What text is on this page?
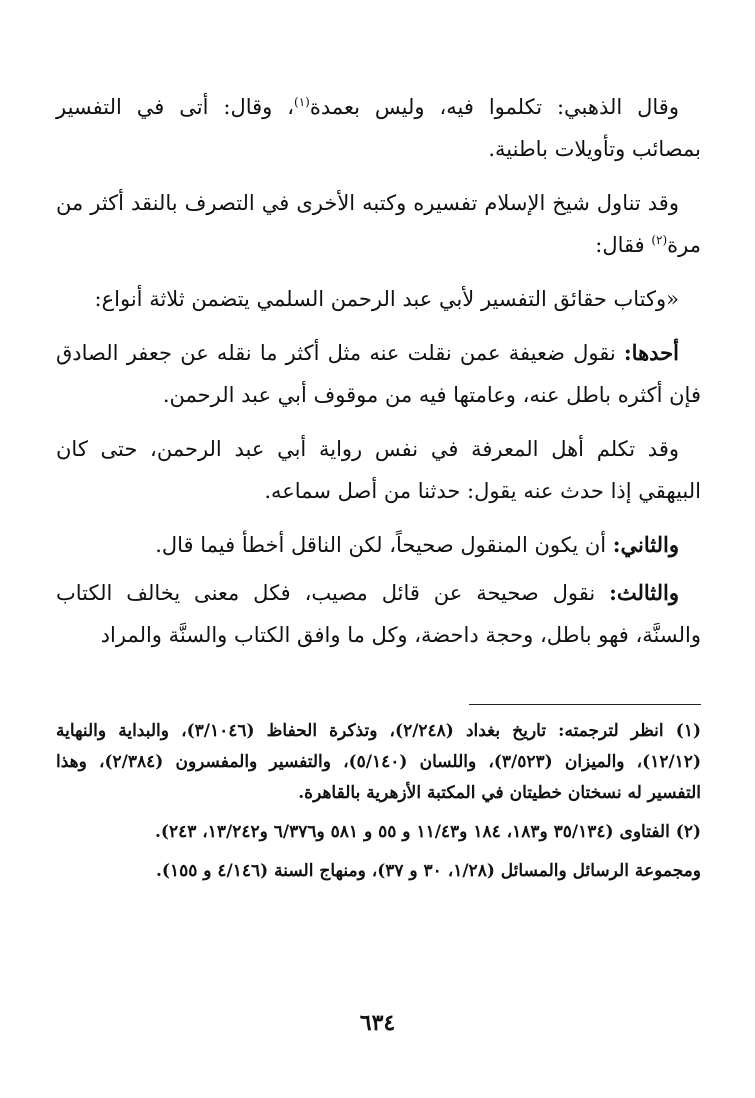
وقال الذهبي: تكلموا فيه، وليس بعمدة$^{(١)}$، وقال: أتى في التفسير بمصائب وتأويلات باطنية.

وقد تناول شيخ الإسلام تفسيره وكتبه الأخرى في التصرف بالنقد أكثر من مرة$^{(٢)}$ فقال:

«وكتاب حقائق التفسير لأبي عبد الرحمن السلمي يتضمن ثلاثة أنواع:

أحدها: نقول ضعيفة عمن نقلت عنه مثل أكثر ما نقله عن جعفر الصادق فإن أكثره باطل عنه، وعامتها فيه من موقوف أبي عبد الرحمن.

وقد تكلم أهل المعرفة في نفس رواية أبي عبد الرحمن، حتى كان البيهقي إذا حدث عنه يقول: حدثنا من أصل سماعه.

والثاني: أن يكون المنقول صحيحاً، لكن الناقل أخطأ فيما قال.

والثالث: نقول صحيحة عن قائل مصيب، فكل معنى يخالف الكتاب والسنَّة، فهو باطل، وحجة داحضة، وكل ما وافق الكتاب والسنَّة والمراد

(١) انظر لترجمته: تاريخ بغداد (٢/٢٤٨)، وتذكرة الحفاظ (٣/١٠٤٦)، والبداية والنهاية (١٢/١٢)، والميزان (٣/٥٢٣)، واللسان (٥/١٤٠)، والتفسير والمفسرون (٢/٣٨٤)، وهذا التفسير له نسختان خطيتان في المكتبة الأزهرية بالقاهرة.

(٢) الفتاوى (٣٥/١٣٤ و١٨٣، ١٨٤ و١١/٤٣ و ٥٥ و ٥٨١ و٦/٣٧٦ و١٣/٢٤٢، ٢٤٣).

ومجموعة الرسائل والمسائل (١/٢٨، ٣٠ و ٣٧)، ومنهاج السنة (٤/١٤٦ و ١٥٥).

٦٣٤
